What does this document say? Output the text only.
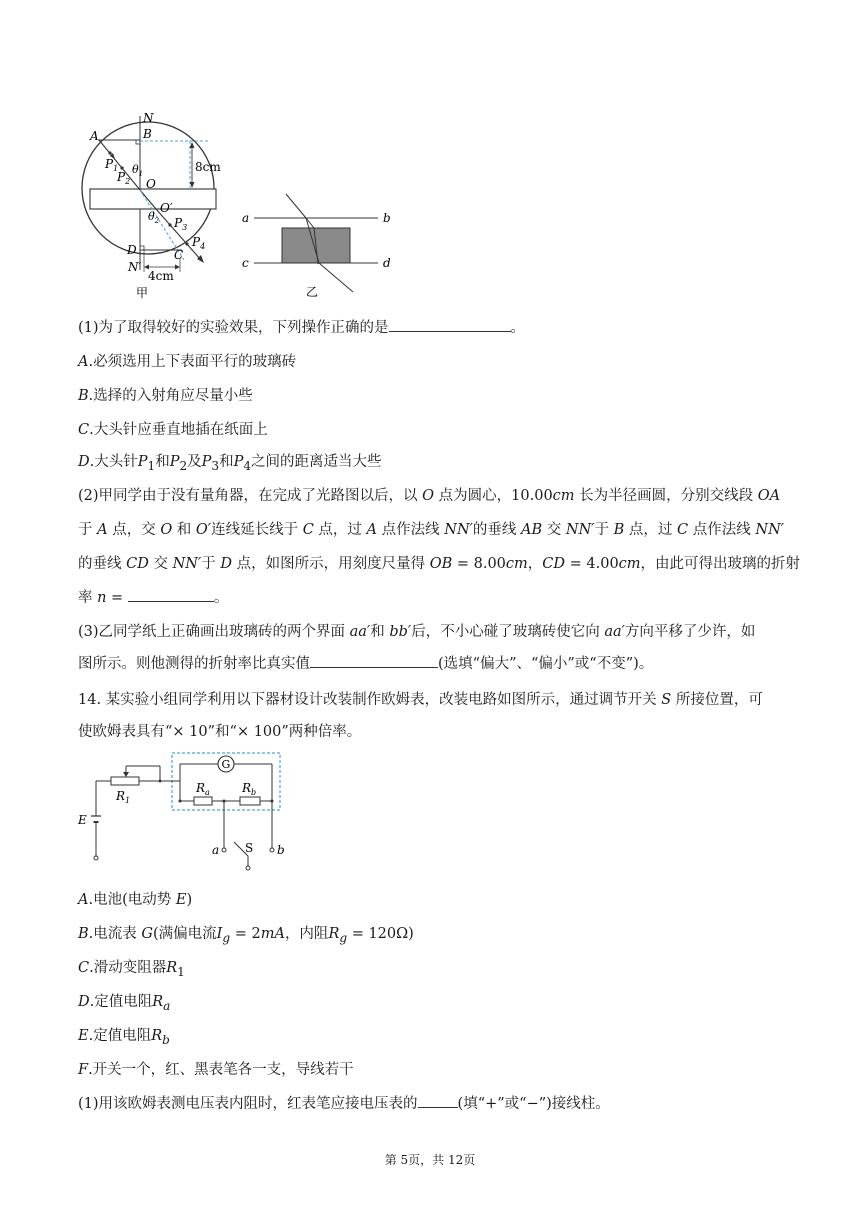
N
B
A
$P_1$ $\theta_1$
$P_2$ O
O′
$\theta_2$ $P_3$
D
$P_4$
C
N′
8cm
4cm
甲
a	b
c	d
乙
(1)为了取得较好的实验效果，下列操作正确的是	。
A.必须选用上下表面平行的玻璃砖
B.选择的入射角应尽量小些
C.大头针应垂直地插在纸面上
D.大头针$P_1$和$P_2$及$P_3$和$P_4$之间的距离适当大些
(2)甲同学由于没有量角器，在完成了光路图以后，以 O 点为圆心，10.00cm 长为半径画圆，分别交线段 OA
于 A 点，交 O 和 O′连线延长线于 C 点，过 A 点作法线 NN′的垂线 AB 交 NN′于 B 点，过 C 点作法线 NN′
的垂线 CD 交 NN′于 D 点，如图所示，用刻度尺量得 OB = 8.00cm，CD = 4.00cm，由此可得出玻璃的折射
率 n =	。
(3)乙同学纸上正确画出玻璃砖的两个界面 aa′和 bb′后，不小心碰了玻璃砖使它向 aa′方向平移了少许，如
图所示。则他测得的折射率比真实值	(选填“偏大”、“偏小”或“不变”)。
14. 某实验小组同学利用以下器材设计改装制作欧姆表，改装电路如图所示，通过调节开关 S 所接位置，可
使欧姆表具有“× 10”和“× 100”两种倍率。
G
$R_a$	$R_b$
$R_1$
E
a S b
A.电池(电动势 E)
B.电流表 G(满偏电流$I_g = 2mA$，内阻$R_g = 120\Omega$)
C.滑动变阻器$R_1$
D.定值电阻$R_a$
E.定值电阻$R_b$
F.开关一个，红、黑表笔各一支，导线若干
(1)用该欧姆表测电压表内阻时，红表笔应接电压表的	(填“+”或“−”)接线柱。
第 5页，共 12页
